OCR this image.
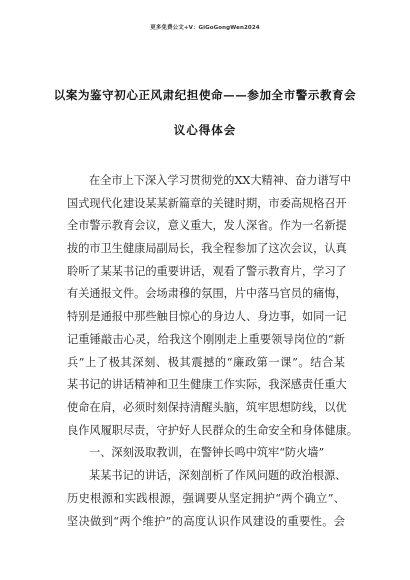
更多免费公文+V：GiGoGongWen2024
以案为鉴守初心正风肃纪担使命——参加全市警示教育会
议心得体会
在全市上下深入学习贯彻党的XX大精神、奋力谱写中
国式现代化建设某某新篇章的关键时期，市委高规格召开
全市警示教育会议，意义重大，发人深省。作为一名新提
拔的市卫生健康局副局长，我全程参加了这次会议，认真
聆听了某某书记的重要讲话，观看了警示教育片，学习了
有关通报文件。会场肃穆的氛围，片中落马官员的痛悔，
特别是通报中那些触目惊心的身边人、身边事，如同一记
记重锤敲击心灵，给我这个刚刚走上重要领导岗位的“新
兵”上了极其深刻、极其震撼的“廉政第一课”。结合某
某书记的讲话精神和卫生健康工作实际，我深感责任重大
使命在肩，必须时刻保持清醒头脑，筑牢思想防线，以优
良作风履职尽责，守护好人民群众的生命安全和身体健康。
一、深刻汲取教训，在警钟长鸣中筑牢“防火墙”
某某书记的讲话，深刻剖析了作风问题的政治根源、
历史根源和实践根源，强调要从坚定拥护“两个确立”、
坚决做到“两个维护”的高度认识作风建设的重要性。会
